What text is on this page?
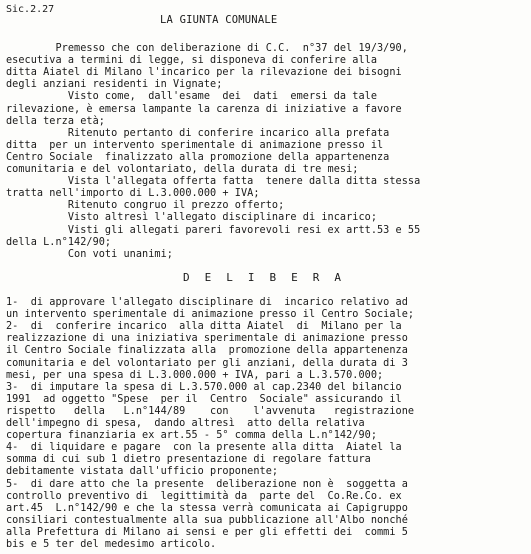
Sic.2.27
LA GIUNTA COMUNALE
Premesso che con deliberazione di C.C.  n°37 del 19/3/90,
esecutiva a termini di legge, si disponeva di conferire alla
ditta Aiatel di Milano l'incarico per la rilevazione dei bisogni
degli anziani residenti in Vignate;
Visto come,  dall'esame  dei  dati  emersi da tale
rilevazione, è emersa lampante la carenza di iniziative a favore
della terza età;
Ritenuto pertanto di conferire incarico alla prefata
ditta  per un intervento sperimentale di animazione presso il
Centro Sociale  finalizzato alla promozione della appartenenza
comunitaria e del volontariato, della durata di tre mesi;
Vista l'allegata offerta fatta  tenere dalla ditta stessa
tratta nell'importo di L.3.000.000 + IVA;
Ritenuto congruo il prezzo offerto;
Visto altresì l'allegato disciplinare di incarico;
Visti gli allegati pareri favorevoli resi ex artt.53 e 55
della L.n°142/90;
Con voti unanimi;
DELIBERA
1-  di approvare l'allegato disciplinare di  incarico relativo ad
un intervento sperimentale di animazione presso il Centro Sociale;
2-  di  conferire incarico  alla ditta Aiatel  di  Milano per la
realizzazione di una iniziativa sperimentale di animazione presso
il Centro Sociale finalizzata alla  promozione della appartenenza
comunitaria e del volontariato per gli anziani, della durata di 3
mesi, per una spesa di L.3.000.000 + IVA, pari a L.3.570.000;
3-  di imputare la spesa di L.3.570.000 al cap.2340 del bilancio
1991  ad oggetto "Spese  per il  Centro  Sociale" assicurando il
rispetto   della   L.n°144/89    con    l'avvenuta   registrazione
dell'impegno di spesa,  dando altresì  atto della relativa
copertura finanziaria ex art.55 - 5° comma della L.n°142/90;
4-  di liquidare e pagare  con la presente alla ditta  Aiatel la
somma di cui sub 1 dietro presentazione di regolare fattura
debitamente vistata dall'ufficio proponente;
5-  di dare atto che la presente  deliberazione non è  soggetta a
controllo preventivo di  legittimità da  parte del  Co.Re.Co. ex
art.45  L.n°142/90 e che la stessa verrà comunicata ai Capigruppo
consiliari contestualmente alla sua pubblicazione all'Albo nonché
alla Prefettura di Milano ai sensi e per gli effetti dei  commi 5
bis e 5 ter del medesimo articolo.
